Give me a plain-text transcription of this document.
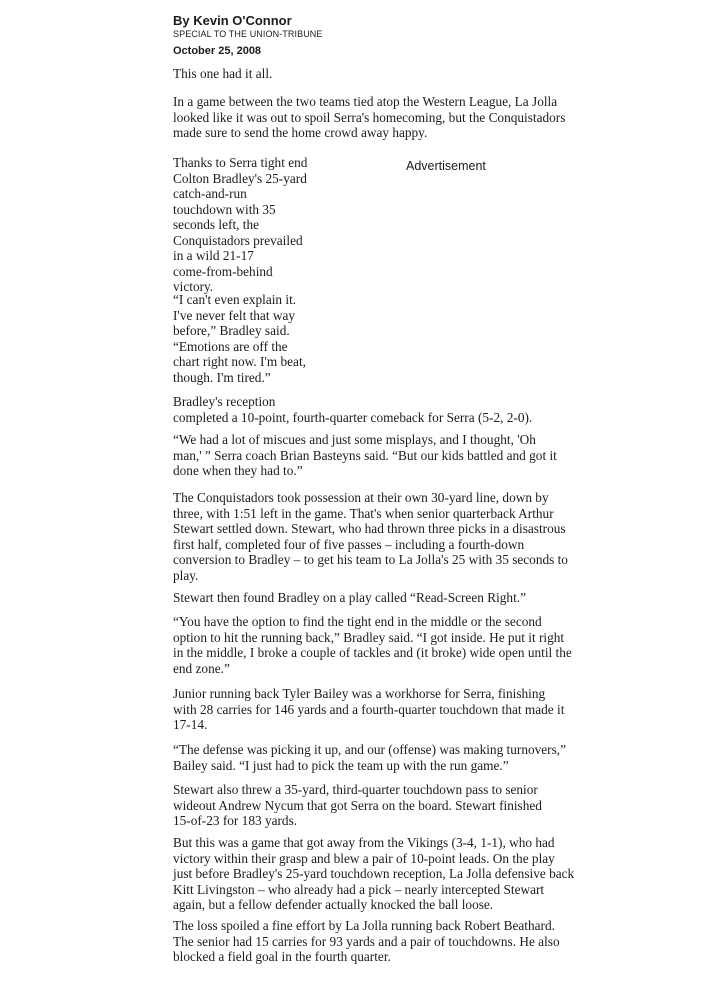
By Kevin O'Connor
SPECIAL TO THE UNION-TRIBUNE
October 25, 2008
Advertisement
This one had it all.
In a game between the two teams tied atop the Western League, La Jolla
looked like it was out to spoil Serra's homecoming, but the Conquistadors
made sure to send the home crowd away happy.
Thanks to Serra tight end
Colton Bradley's 25-yard
catch-and-run
touchdown with 35
seconds left, the
Conquistadors prevailed
in a wild 21-17
come-from-behind
victory.
“I can't even explain it.
I've never felt that way
before,” Bradley said.
“Emotions are off the
chart right now. I'm beat,
though. I'm tired.”
Bradley's reception
completed a 10-point, fourth-quarter comeback for Serra (5-2, 2-0).
“We had a lot of miscues and just some misplays, and I thought, 'Oh
man,' ” Serra coach Brian Basteyns said. “But our kids battled and got it
done when they had to.”
The Conquistadors took possession at their own 30-yard line, down by
three, with 1:51 left in the game. That's when senior quarterback Arthur
Stewart settled down. Stewart, who had thrown three picks in a disastrous
first half, completed four of five passes – including a fourth-down
conversion to Bradley – to get his team to La Jolla's 25 with 35 seconds to
play.
Stewart then found Bradley on a play called “Read-Screen Right.”
“You have the option to find the tight end in the middle or the second
option to hit the running back,” Bradley said. “I got inside. He put it right
in the middle, I broke a couple of tackles and (it broke) wide open until the
end zone.”
Junior running back Tyler Bailey was a workhorse for Serra, finishing
with 28 carries for 146 yards and a fourth-quarter touchdown that made it
17-14.
“The defense was picking it up, and our (offense) was making turnovers,”
Bailey said. “I just had to pick the team up with the run game.”
Stewart also threw a 35-yard, third-quarter touchdown pass to senior
wideout Andrew Nycum that got Serra on the board. Stewart finished
15-of-23 for 183 yards.
But this was a game that got away from the Vikings (3-4, 1-1), who had
victory within their grasp and blew a pair of 10-point leads. On the play
just before Bradley's 25-yard touchdown reception, La Jolla defensive back
Kitt Livingston – who already had a pick – nearly intercepted Stewart
again, but a fellow defender actually knocked the ball loose.
The loss spoiled a fine effort by La Jolla running back Robert Beathard.
The senior had 15 carries for 93 yards and a pair of touchdowns. He also
blocked a field goal in the fourth quarter.
